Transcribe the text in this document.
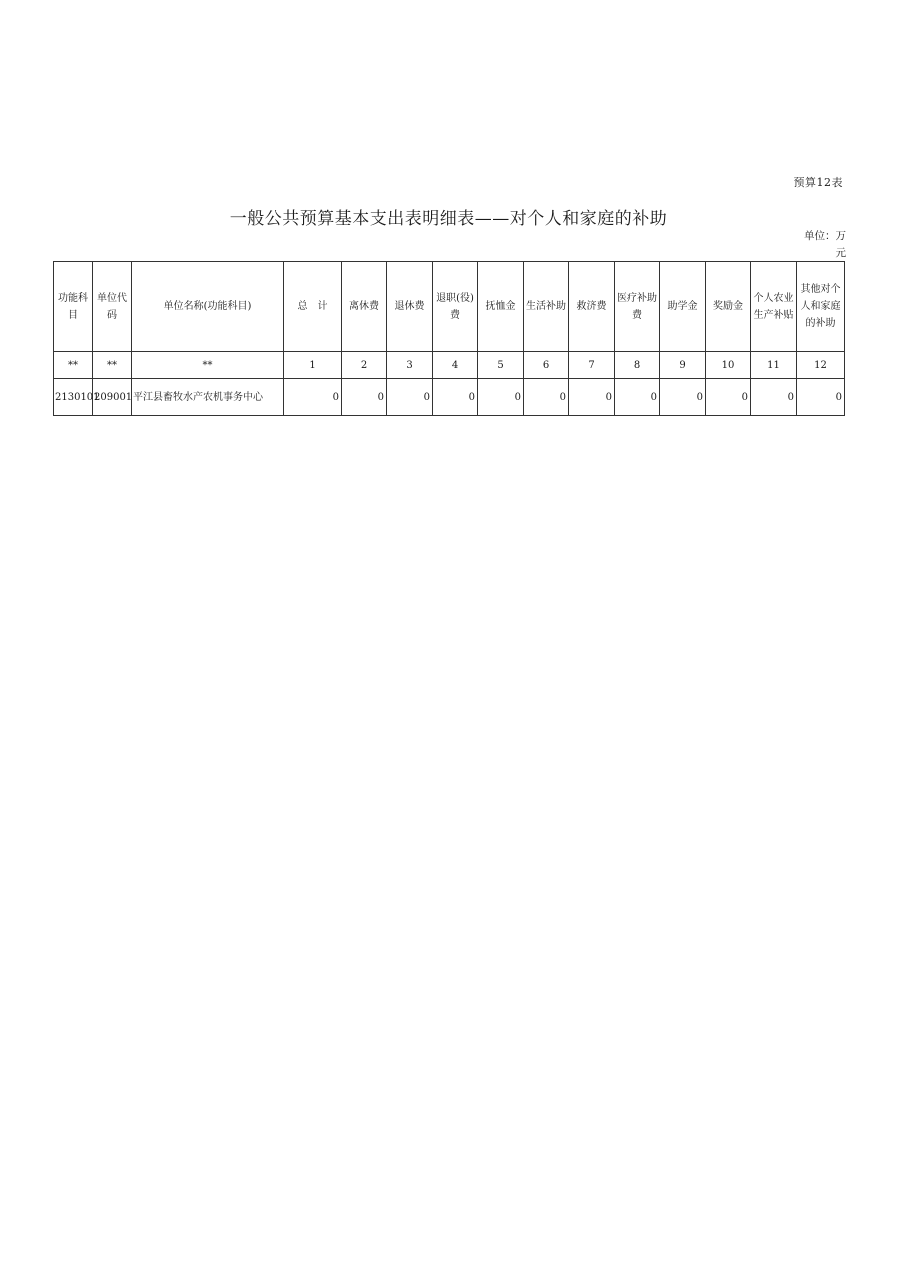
预算12表
一般公共预算基本支出表明细表——对个人和家庭的补助
单位：万元
功能科目	单位代码	单位名称(功能科目)	总　计	离休费	退休费	退职(役)费	抚恤金	生活补助	救济费	医疗补助费	助学金	奖励金	个人农业生产补贴	其他对个人和家庭的补助
**	**	**	1	2	3	4	5	6	7	8	9	10	11	12
2130101	209001	平江县畜牧水产农机事务中心	0	0	0	0	0	0	0	0	0	0	0	0
